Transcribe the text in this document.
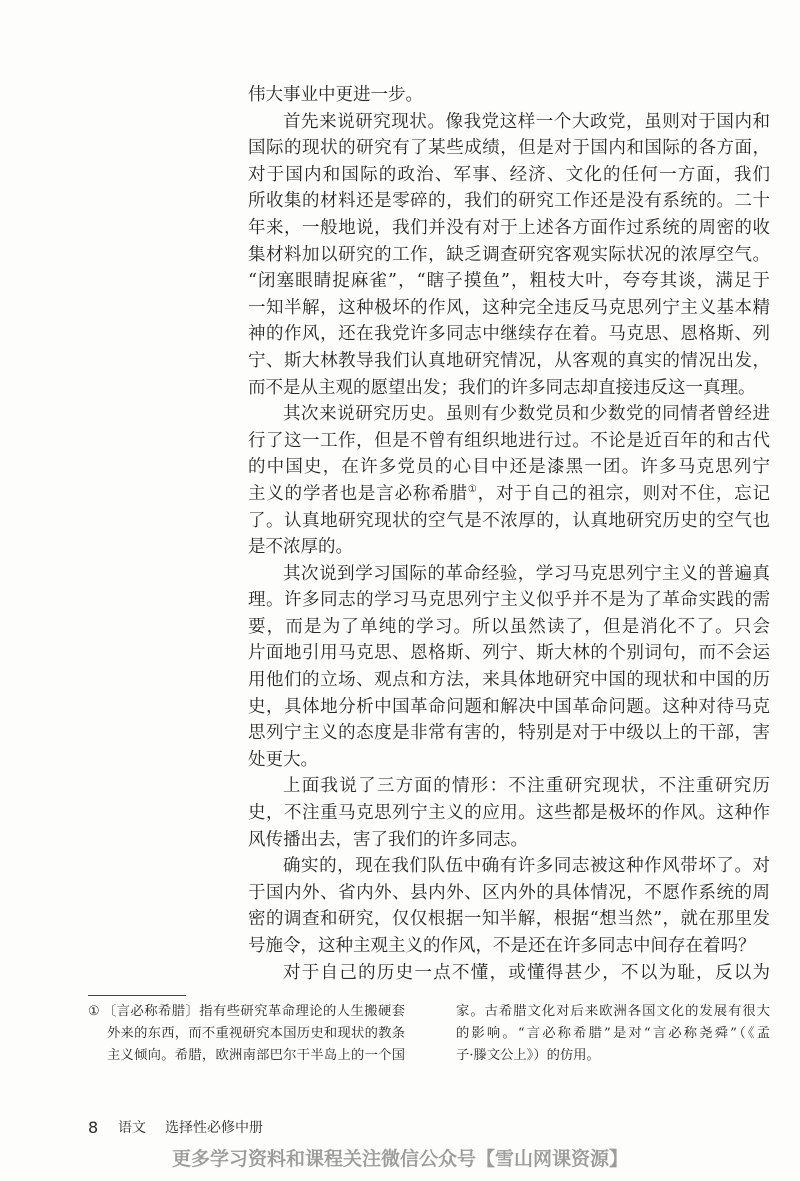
伟大事业中更进一步。
首先来说研究现状。像我党这样一个大政党，虽则对于国内和
国际的现状的研究有了某些成绩，但是对于国内和国际的各方面，
对于国内和国际的政治、军事、经济、文化的任何一方面，我们
所收集的材料还是零碎的，我们的研究工作还是没有系统的。二十
年来，一般地说，我们并没有对于上述各方面作过系统的周密的收
集材料加以研究的工作，缺乏调查研究客观实际状况的浓厚空气。
“闭塞眼睛捉麻雀”，“瞎子摸鱼”，粗枝大叶，夸夸其谈，满足于
一知半解，这种极坏的作风，这种完全违反马克思列宁主义基本精
神的作风，还在我党许多同志中继续存在着。马克思、恩格斯、列
宁、斯大林教导我们认真地研究情况，从客观的真实的情况出发，
而不是从主观的愿望出发；我们的许多同志却直接违反这一真理。
其次来说研究历史。虽则有少数党员和少数党的同情者曾经进
行了这一工作，但是不曾有组织地进行过。不论是近百年的和古代
的中国史，在许多党员的心目中还是漆黑一团。许多马克思列宁
主义的学者也是言必称希腊①，对于自己的祖宗，则对不住，忘记
了。认真地研究现状的空气是不浓厚的，认真地研究历史的空气也
是不浓厚的。
其次说到学习国际的革命经验，学习马克思列宁主义的普遍真
理。许多同志的学习马克思列宁主义似乎并不是为了革命实践的需
要，而是为了单纯的学习。所以虽然读了，但是消化不了。只会
片面地引用马克思、恩格斯、列宁、斯大林的个别词句，而不会运
用他们的立场、观点和方法，来具体地研究中国的现状和中国的历
史，具体地分析中国革命问题和解决中国革命问题。这种对待马克
思列宁主义的态度是非常有害的，特别是对于中级以上的干部，害
处更大。
上面我说了三方面的情形：不注重研究现状，不注重研究历
史，不注重马克思列宁主义的应用。这些都是极坏的作风。这种作
风传播出去，害了我们的许多同志。
确实的，现在我们队伍中确有许多同志被这种作风带坏了。对
于国内外、省内外、县内外、区内外的具体情况，不愿作系统的周
密的调查和研究，仅仅根据一知半解，根据“想当然”，就在那里发
号施令，这种主观主义的作风，不是还在许多同志中间存在着吗？
对于自己的历史一点不懂，或懂得甚少，不以为耻，反以为
① 〔言必称希腊〕指有些研究革命理论的人生搬硬套
外来的东西，而不重视研究本国历史和现状的教条
主义倾向。希腊，欧洲南部巴尔干半岛上的一个国
家。古希腊文化对后来欧洲各国文化的发展有很大
的影响。“言必称希腊”是对“言必称尧舜”（《孟
子·滕文公上》）的仿用。
8 语文 选择性必修中册
更多学习资料和课程关注微信公众号【雪山网课资源】
